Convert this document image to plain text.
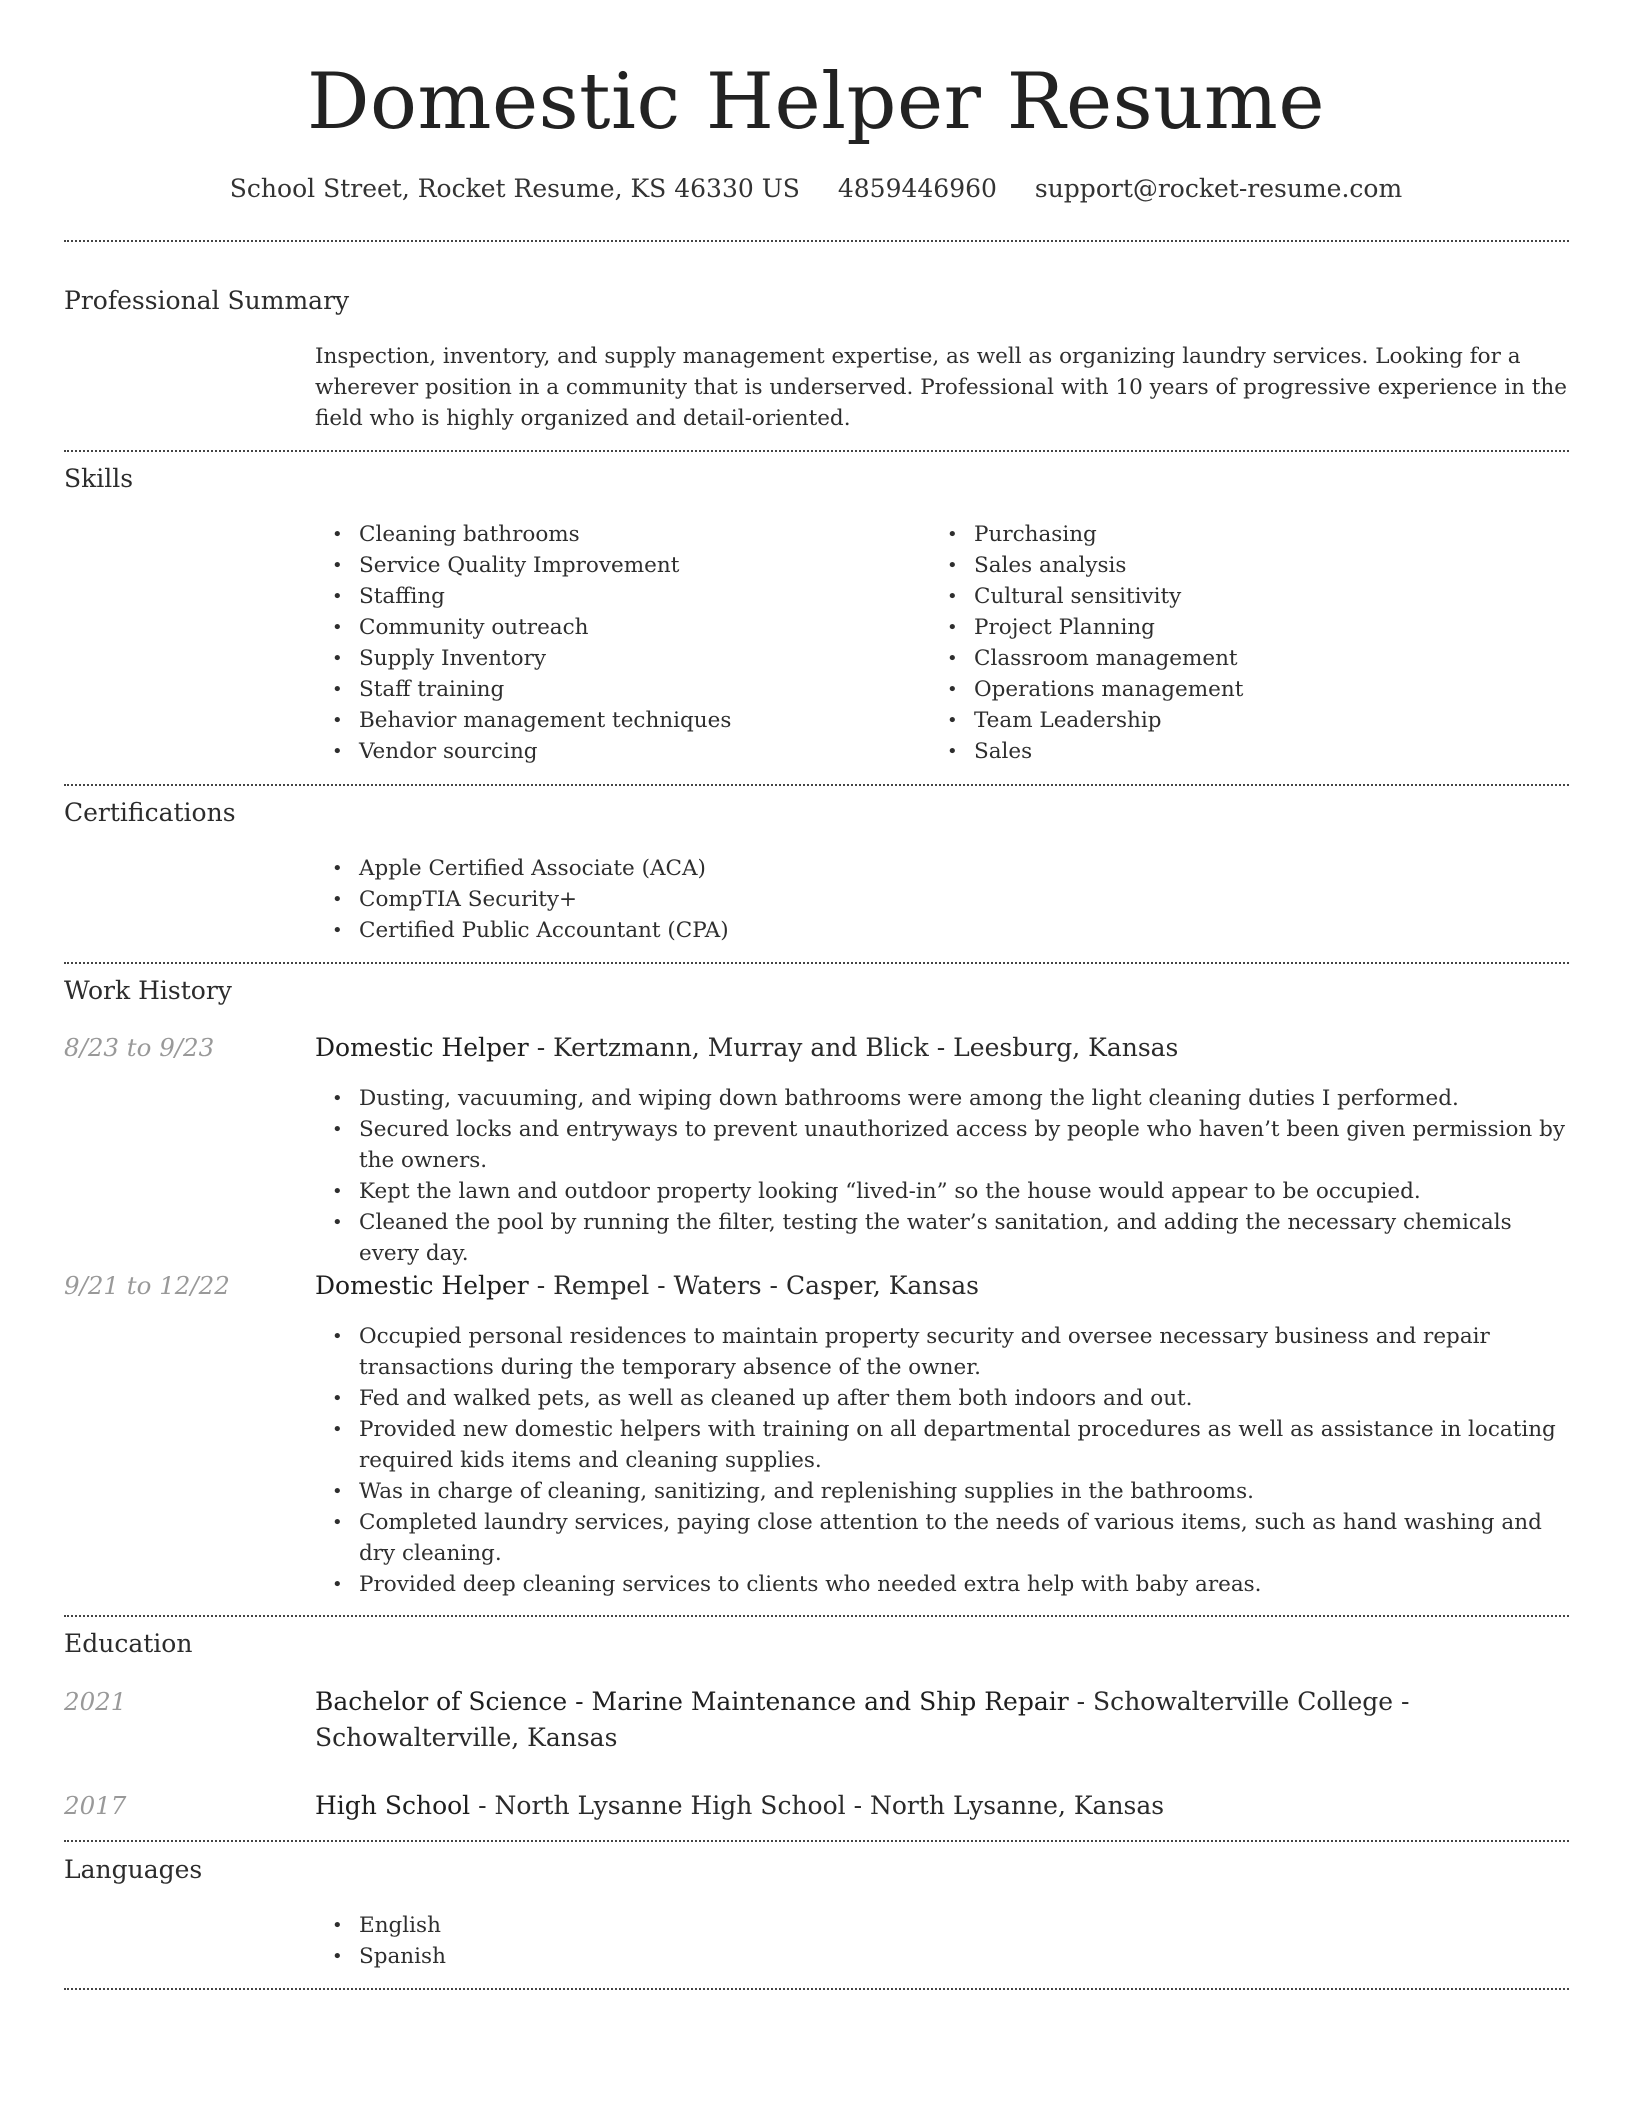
Domestic Helper Resume
School Street, Rocket Resume, KS 46330 US 4859446960 support@rocket-resume.com
Professional Summary
Inspection, inventory, and supply management expertise, as well as organizing laundry services. Looking for a wherever position in a community that is underserved. Professional with 10 years of progressive experience in the field who is highly organized and detail-oriented.
Skills
• Cleaning bathrooms
• Service Quality Improvement
• Staffing
• Community outreach
• Supply Inventory
• Staff training
• Behavior management techniques
• Vendor sourcing
• Purchasing
• Sales analysis
• Cultural sensitivity
• Project Planning
• Classroom management
• Operations management
• Team Leadership
• Sales
Certifications
• Apple Certified Associate (ACA)
• CompTIA Security+
• Certified Public Accountant (CPA)
Work History
8/23 to 9/23	Domestic Helper - Kertzmann, Murray and Blick - Leesburg, Kansas
• Dusting, vacuuming, and wiping down bathrooms were among the light cleaning duties I performed.
• Secured locks and entryways to prevent unauthorized access by people who haven’t been given permission by the owners.
• Kept the lawn and outdoor property looking “lived-in” so the house would appear to be occupied.
• Cleaned the pool by running the filter, testing the water’s sanitation, and adding the necessary chemicals every day.
9/21 to 12/22	Domestic Helper - Rempel - Waters - Casper, Kansas
• Occupied personal residences to maintain property security and oversee necessary business and repair transactions during the temporary absence of the owner.
• Fed and walked pets, as well as cleaned up after them both indoors and out.
• Provided new domestic helpers with training on all departmental procedures as well as assistance in locating required kids items and cleaning supplies.
• Was in charge of cleaning, sanitizing, and replenishing supplies in the bathrooms.
• Completed laundry services, paying close attention to the needs of various items, such as hand washing and dry cleaning.
• Provided deep cleaning services to clients who needed extra help with baby areas.
Education
2021	Bachelor of Science - Marine Maintenance and Ship Repair - Schowalterville College - Schowalterville, Kansas
2017	High School - North Lysanne High School - North Lysanne, Kansas
Languages
• English
• Spanish
